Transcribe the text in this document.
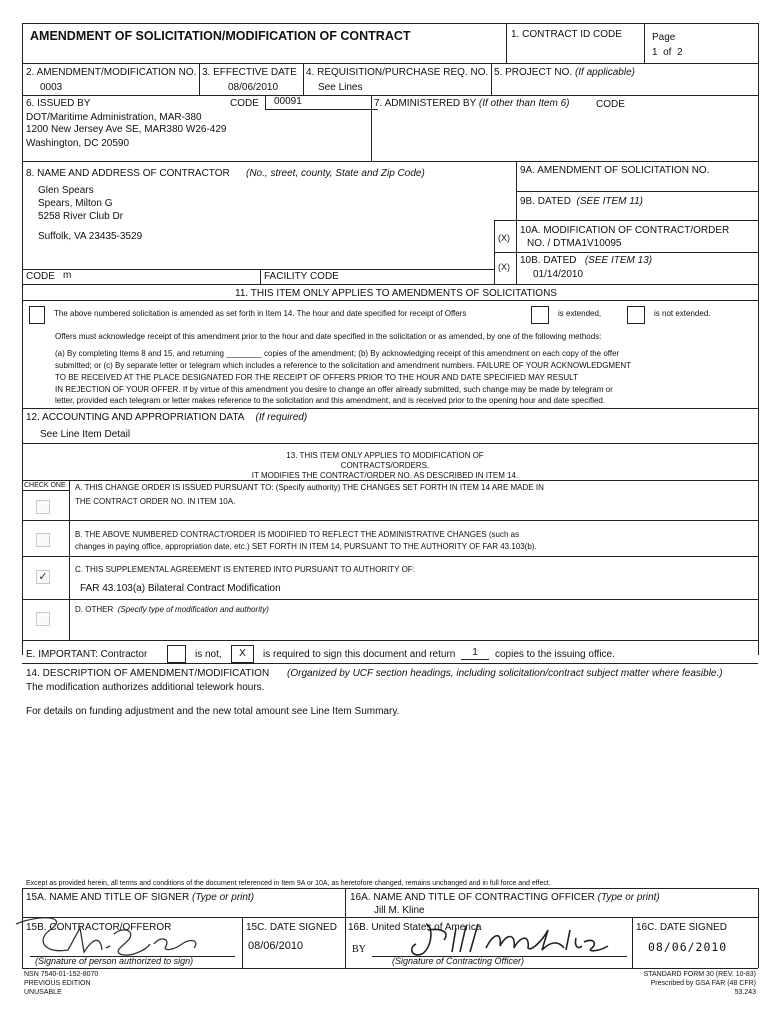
AMENDMENT OF SOLICITATION/MODIFICATION OF CONTRACT	1. CONTRACT ID CODE	Page
1 of 2
2. AMENDMENT/MODIFICATION NO.
0003
3. EFFECTIVE DATE
08/06/2010
4. REQUISITION/PURCHASE REQ. NO.
See Lines
5. PROJECT NO. (If applicable)
6. ISSUED BY	CODE	00091
DOT/Maritime Administration, MAR-380
1200 New Jersey Ave SE, MAR380 W26-429
Washington, DC 20590
7. ADMINISTERED BY (If other than Item 6)	CODE
8. NAME AND ADDRESS OF CONTRACTOR (No., street, county, State and Zip Code)
Glen Spears
Spears, Milton G
5258 River Club Dr
Suffolk, VA 23435-3529
9A. AMENDMENT OF SOLICITATION NO.
9B. DATED (SEE ITEM 11)
(X)
10A. MODIFICATION OF CONTRACT/ORDER
NO. / DTMA1V10095
(X)
10B. DATED (SEE ITEM 13)
01/14/2010
CODE m	FACILITY CODE
11. THIS ITEM ONLY APPLIES TO AMENDMENTS OF SOLICITATIONS
The above numbered solicitation is amended as set forth in Item 14. The hour and date specified for receipt of Offers	is extended,	is not extended.
Offers must acknowledge receipt of this amendment prior to the hour and date specified in the solicitation or as amended, by one of the following methods:
(a) By completing Items 8 and 15, and returning ________ copies of the amendment; (b) By acknowledging receipt of this amendment on each copy of the offer
submitted; or (c) By separate letter or telegram which includes a reference to the solicitation and amendment numbers. FAILURE OF YOUR ACKNOWLEDGMENT
TO BE RECEIVED AT THE PLACE DESIGNATED FOR THE RECEIPT OF OFFERS PRIOR TO THE HOUR AND DATE SPECIFIED MAY RESULT
IN REJECTION OF YOUR OFFER. If by virtue of this amendment you desire to change an offer already submitted, such change may be made by telegram or
letter, provided each telegram or letter makes reference to the solicitation and this amendment, and is received prior to the opening hour and date specified.
12. ACCOUNTING AND APPROPRIATION DATA (If required)
See Line Item Detail
13. THIS ITEM ONLY APPLIES TO MODIFICATION OF
CONTRACTS/ORDERS.
IT MODIFIES THE CONTRACT/ORDER NO. AS DESCRIBED IN ITEM 14.
CHECK ONE A. THIS CHANGE ORDER IS ISSUED PURSUANT TO: (Specify authority) THE CHANGES SET FORTH IN ITEM 14 ARE MADE IN
THE CONTRACT ORDER NO. IN ITEM 10A.
B. THE ABOVE NUMBERED CONTRACT/ORDER IS MODIFIED TO REFLECT THE ADMINISTRATIVE CHANGES (such as
changes in paying office, appropriation date, etc.) SET FORTH IN ITEM 14, PURSUANT TO THE AUTHORITY OF FAR 43.103(b).
C. THIS SUPPLEMENTAL AGREEMENT IS ENTERED INTO PURSUANT TO AUTHORITY OF:
FAR 43.103(a) Bilateral Contract Modification
✓
D. OTHER (Specify type of modification and authority)
E. IMPORTANT: Contractor	is not,	X	is required to sign this document and return	1	copies to the issuing office.
14. DESCRIPTION OF AMENDMENT/MODIFICATION (Organized by UCF section headings, including solicitation/contract subject matter where feasible.)
The modification authorizes additional telework hours.
For details on funding adjustment and the new total amount see Line Item Summary.
Except as provided herein, all terms and conditions of the document referenced in Item 9A or 10A, as heretofore changed, remains unchanged and in full force and effect.
15A. NAME AND TITLE OF SIGNER (Type or print)	16A. NAME AND TITLE OF CONTRACTING OFFICER (Type or print)
Jill M. Kline
15B. CONTRACTOR/OFFEROR	15C. DATE SIGNED
08/06/2010
16B. United States of America	16C. DATE SIGNED
08/06/2010
BY
(Signature of person authorized to sign)	(Signature of Contracting Officer)
NSN 7540-01-152-8070
PREVIOUS EDITION
UNUSABLE
STANDARD FORM 30 (REV. 10-83)
Prescribed by GSA FAR (48 CFR)
53.243
